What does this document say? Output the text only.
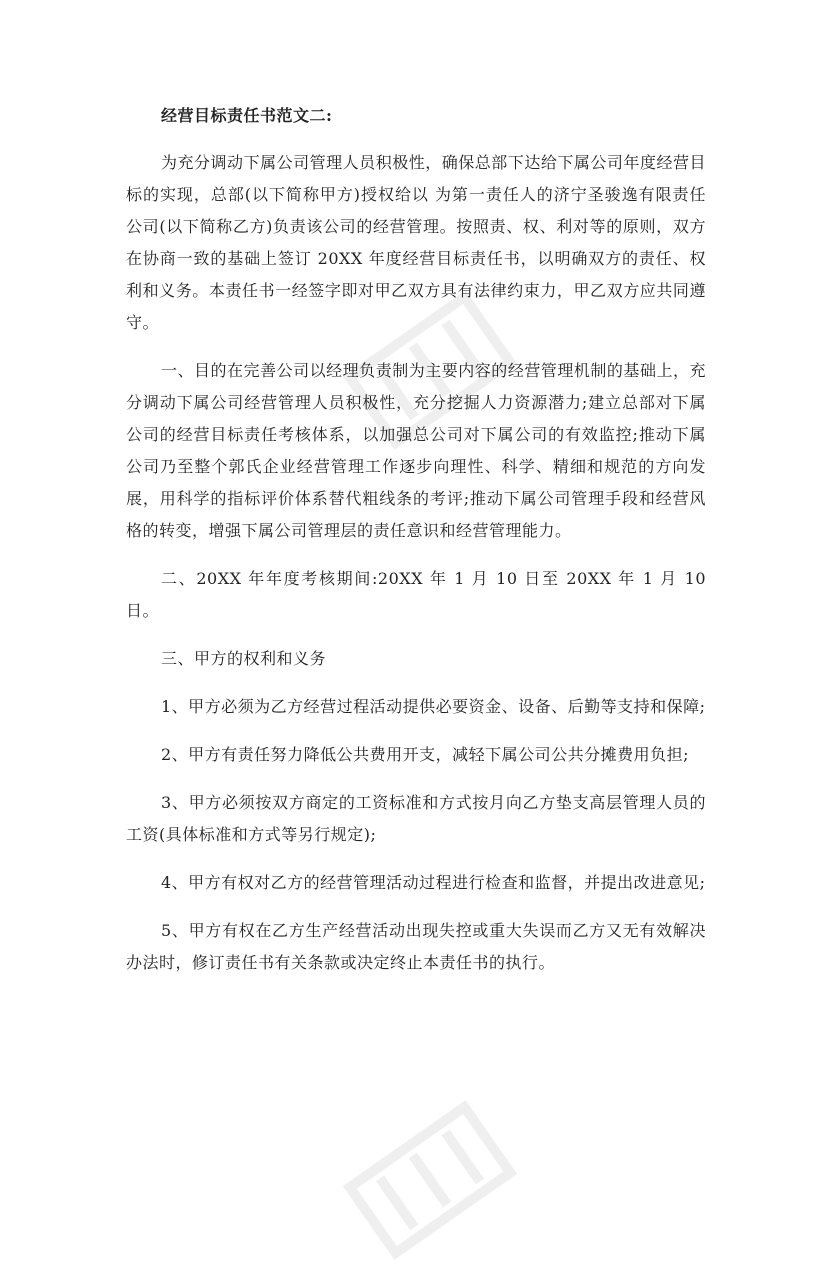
经营目标责任书范文二:

为充分调动下属公司管理人员积极性，确保总部下达给下属公司年度经营目标的实现，总部(以下简称甲方)授权给以 为第一责任人的济宁圣骏逸有限责任公司(以下简称乙方)负责该公司的经营管理。按照责、权、利对等的原则，双方在协商一致的基础上签订 20XX 年度经营目标责任书，以明确双方的责任、权利和义务。本责任书一经签字即对甲乙双方具有法律约束力，甲乙双方应共同遵守。

一、目的在完善公司以经理负责制为主要内容的经营管理机制的基础上，充分调动下属公司经营管理人员积极性，充分挖掘人力资源潜力;建立总部对下属公司的经营目标责任考核体系，以加强总公司对下属公司的有效监控;推动下属公司乃至整个郭氏企业经营管理工作逐步向理性、科学、精细和规范的方向发展，用科学的指标评价体系替代粗线条的考评;推动下属公司管理手段和经营风格的转变，增强下属公司管理层的责任意识和经营管理能力。

二、20XX 年年度考核期间:20XX 年 1 月 10 日至 20XX 年 1 月 10 日。

三、甲方的权利和义务

1、甲方必须为乙方经营过程活动提供必要资金、设备、后勤等支持和保障;

2、甲方有责任努力降低公共费用开支，减轻下属公司公共分摊费用负担;

3、甲方必须按双方商定的工资标准和方式按月向乙方垫支高层管理人员的工资(具体标准和方式等另行规定);

4、甲方有权对乙方的经营管理活动过程进行检查和监督，并提出改进意见;

5、甲方有权在乙方生产经营活动出现失控或重大失误而乙方又无有效解决办法时，修订责任书有关条款或决定终止本责任书的执行。
